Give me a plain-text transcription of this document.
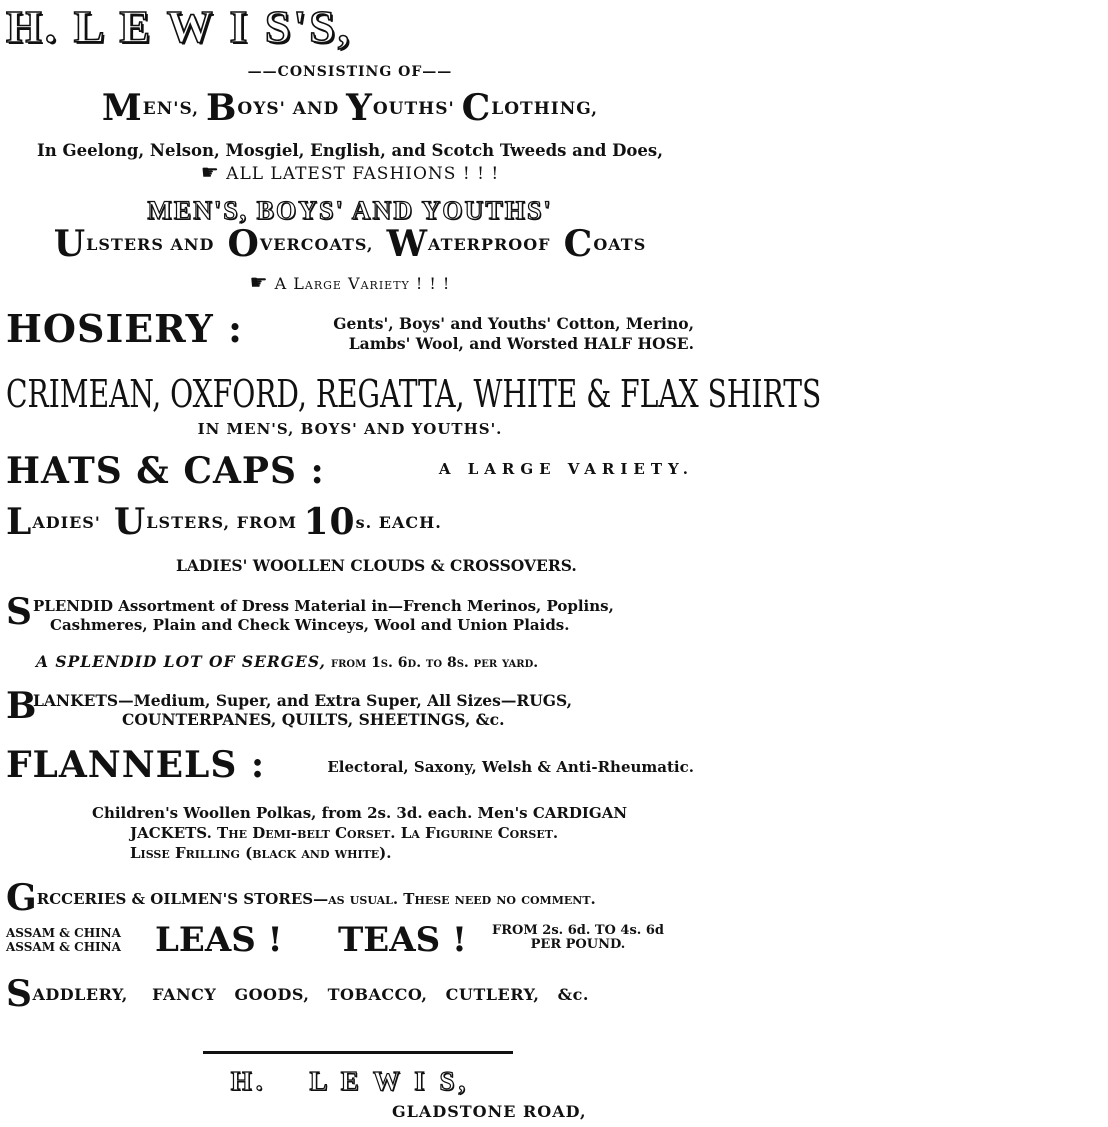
H. L E W I S'S,
——CONSISTING OF——
MEN'S, BOYS' AND YOUTHS' CLOTHING,
In Geelong, Nelson, Mosgiel, English, and Scotch Tweeds and Does,
☛ ALL LATEST FASHIONS ! ! !
MEN'S, BOYS' AND YOUTHS'
ULSTERS AND OVERCOATS, WATERPROOF COATS
☛ A Large Variety ! ! !
HOSIERY :	Gents', Boys' and Youths' Cotton, Merino,
Lambs' Wool, and Worsted HALF HOSE.
CRIMEAN, OXFORD, REGATTA, WHITE & FLAX SHIRTS
IN MEN'S, BOYS' AND YOUTHS'.
HATS & CAPS :	A LARGE VARIETY.
LADIES' ULSTERS, FROM 10s. EACH.
LADIES' WOOLLEN CLOUDS & CROSSOVERS.
S PLENDID Assortment of Dress Material in—French Merinos, Poplins,
Cashmeres, Plain and Check Winceys, Wool and Union Plaids.
A SPLENDID LOT OF SERGES, from 1s. 6d. to 8s. per yard.
B
LANKETS—Medium, Super, and Extra Super, All Sizes—RUGS,
COUNTERPANES, QUILTS, SHEETINGS, &c.
FLANNELS :	Electoral, Saxony, Welsh & Anti-Rheumatic.
Children's Woollen Polkas, from 2s. 3d. each. Men's CARDIGAN
JACKETS. The Demi-belt Corset. La Figurine Corset.
Lisse Frilling (black and white).
GRCCERIES & OILMEN'S STORES—as usual. These need no comment.
ASSAM & CHINA
ASSAM & CHINA LEAS ! TEAS ! FROM 2s. 6d. TO 4s. 6d
PER POUND.
SADDLERY,    FANCY   GOODS,   TOBACCO,   CUTLERY,   &c.
H.    L E W I S,
GLADSTONE ROAD,
